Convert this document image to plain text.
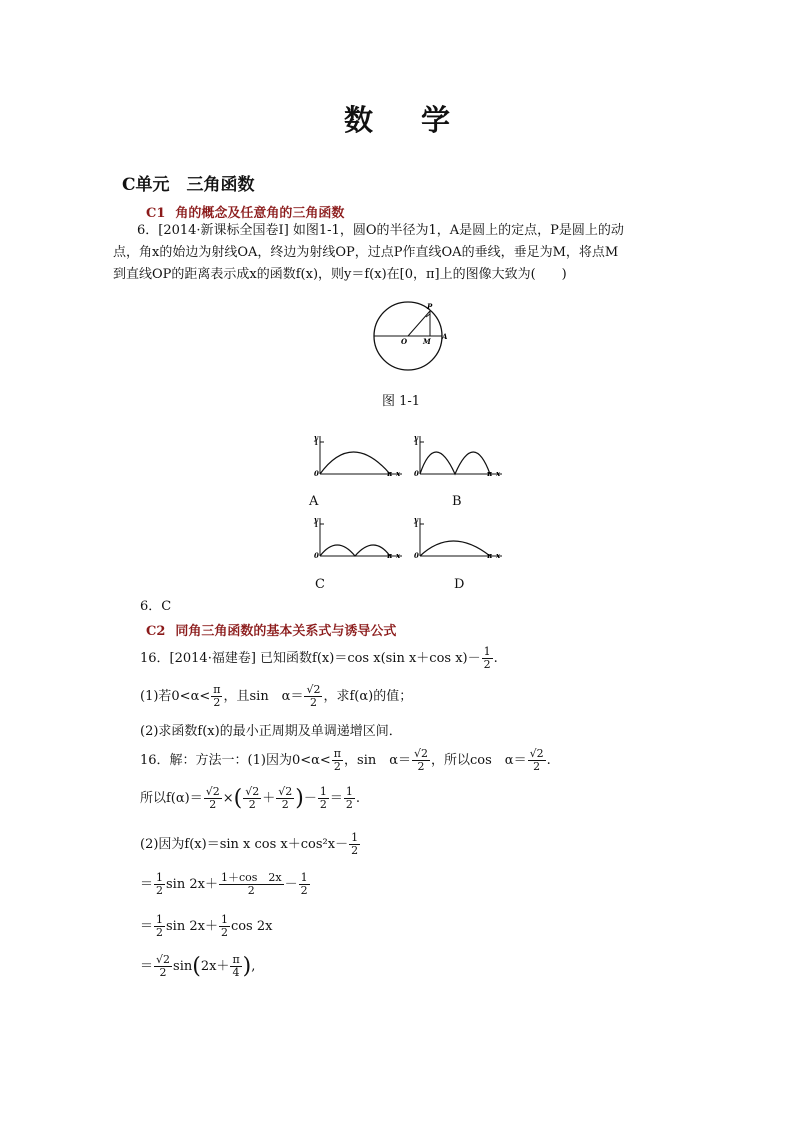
数 学
C单元　三角函数
C1 角的概念及任意角的三角函数

6．[2014·新课标全国卷Ⅰ] 如图1-1，圆O的半径为1，A是圆上的定点，P是圆上的动

点，角x的始边为射线OA，终边为射线OP，过点P作直线OA的垂线，垂足为M，将点M

到直线OP的距离表示成x的函数f(x)，则y＝f(x)在[0，π]上的图像大致为(　　)

P
O M
A
图 1-1
y
1
0	π x
A
y
1
0	π x
B
y
1
0	π x
C
y
1
0	π x
D
6．C
C2 同角三角函数的基本关系式与诱导公式
16．[2014·福建卷] 已知函数f(x)＝cos x(sin x＋cos $x)- \frac{1}{2}$ .
(1)若$0<\alpha< \frac{\pi}{2}$ ，且sin　$\alpha= \frac{√2}{2}$ ，求f(α)的值；
(2)求函数f(x)的最小正周期及单调递增区间．
16．解：方法一：(1)因为$0<\alpha< \frac{\pi}{2}$ ，sin　$\alpha= \frac{√2}{2}$ ，所以cos　$\alpha= \frac{√2}{2}$ .
所以$f(\alpha)= \frac{√2}{2}$ ×( $\frac{√2}{2} + \frac{√2}{2}$ )－ $\frac{1}{2} = \frac{1}{2}$ .
(2)因为f(x)＝sin x $\cos x+\cos^2x- \frac{1}{2}$
＝ $\frac{1}{2}$ $\sin 2x+ \frac{1+\cos 2x}{2} - \frac{1}{2}$
＝ $\frac{1}{2}$ $\sin 2x+ \frac{1}{2}$ cos 2x
＝ $\frac{√2}{2} \sin(2x+ \frac{\pi}{4}$ ),
